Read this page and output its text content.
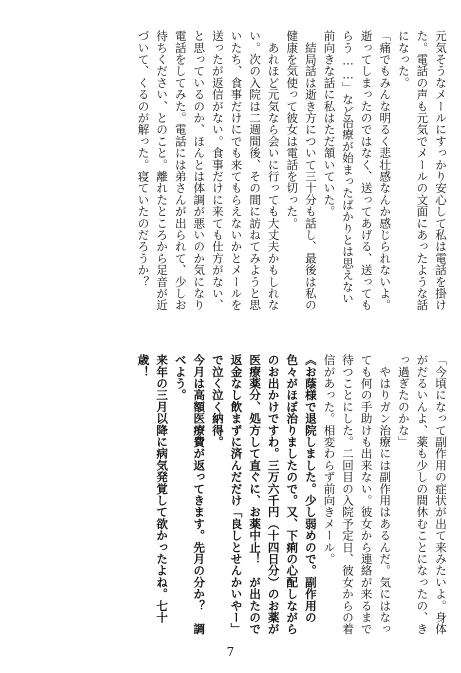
元気そうなメールにすっかり安心して私は電話を掛けた。電話の声も元気でメールの文面にあったような話になった。

「痛でもみんな明るく悲壮感なんか感じられないよ。逝ってしまったのではなく、送ってあげる、送っても らう……」など治療が始まったばかりとは思えない前向きな話に私はただ頷いていた。

　結局話は逝き方について三十分も話し、最後は私の健康を気使って彼女は電話を切った。

　あれほど元気なら会いに行っても大丈夫かもしれない。次の入院は二週間後、その間に訪ねてみようと思いたち、食事だけにでも来てもらえないかとメールを送ったが返信がない。食事だけに来ても仕方がない、と思っているのか、ほんとは体調が悪いのか気になり電話をしてみた。電話には弟さんが出られて、少しお待ちください、とのこと。離れたところから足音が近づいて、くるのが解った。寝ていたのだろうか？

「今頃になって副作用の症状が出て来みたいよ。身体がだるいんよ、薬も少しの間休むことになったの、き っ過ぎたのかな」

　やはりガン治療には副作用はあるんだ。気にはなっても何の手助けも出来ない。彼女から連絡が来るまで待つことにした。二回目の入院予定日、彼女からの着信があった。相変わらず前向きメール。

《お蔭様で退院しました。少し弱めので。副作用の色々がほぼ治りましたので。又、下痢の心配しながらのお出かけですわ。三万六千円（十四日分）のお薬が医療薬分、処方して直ぐに、お薬中止！　が出たので　返金なし飲まずに済んだだけ「良しとせんかいやー」で泣く泣く納得。

今月は高額医療費が返ってきます。先月の分か？　調べよう。

来年の三月以降に病気発覚して欲かったよね。七十歳！

7
